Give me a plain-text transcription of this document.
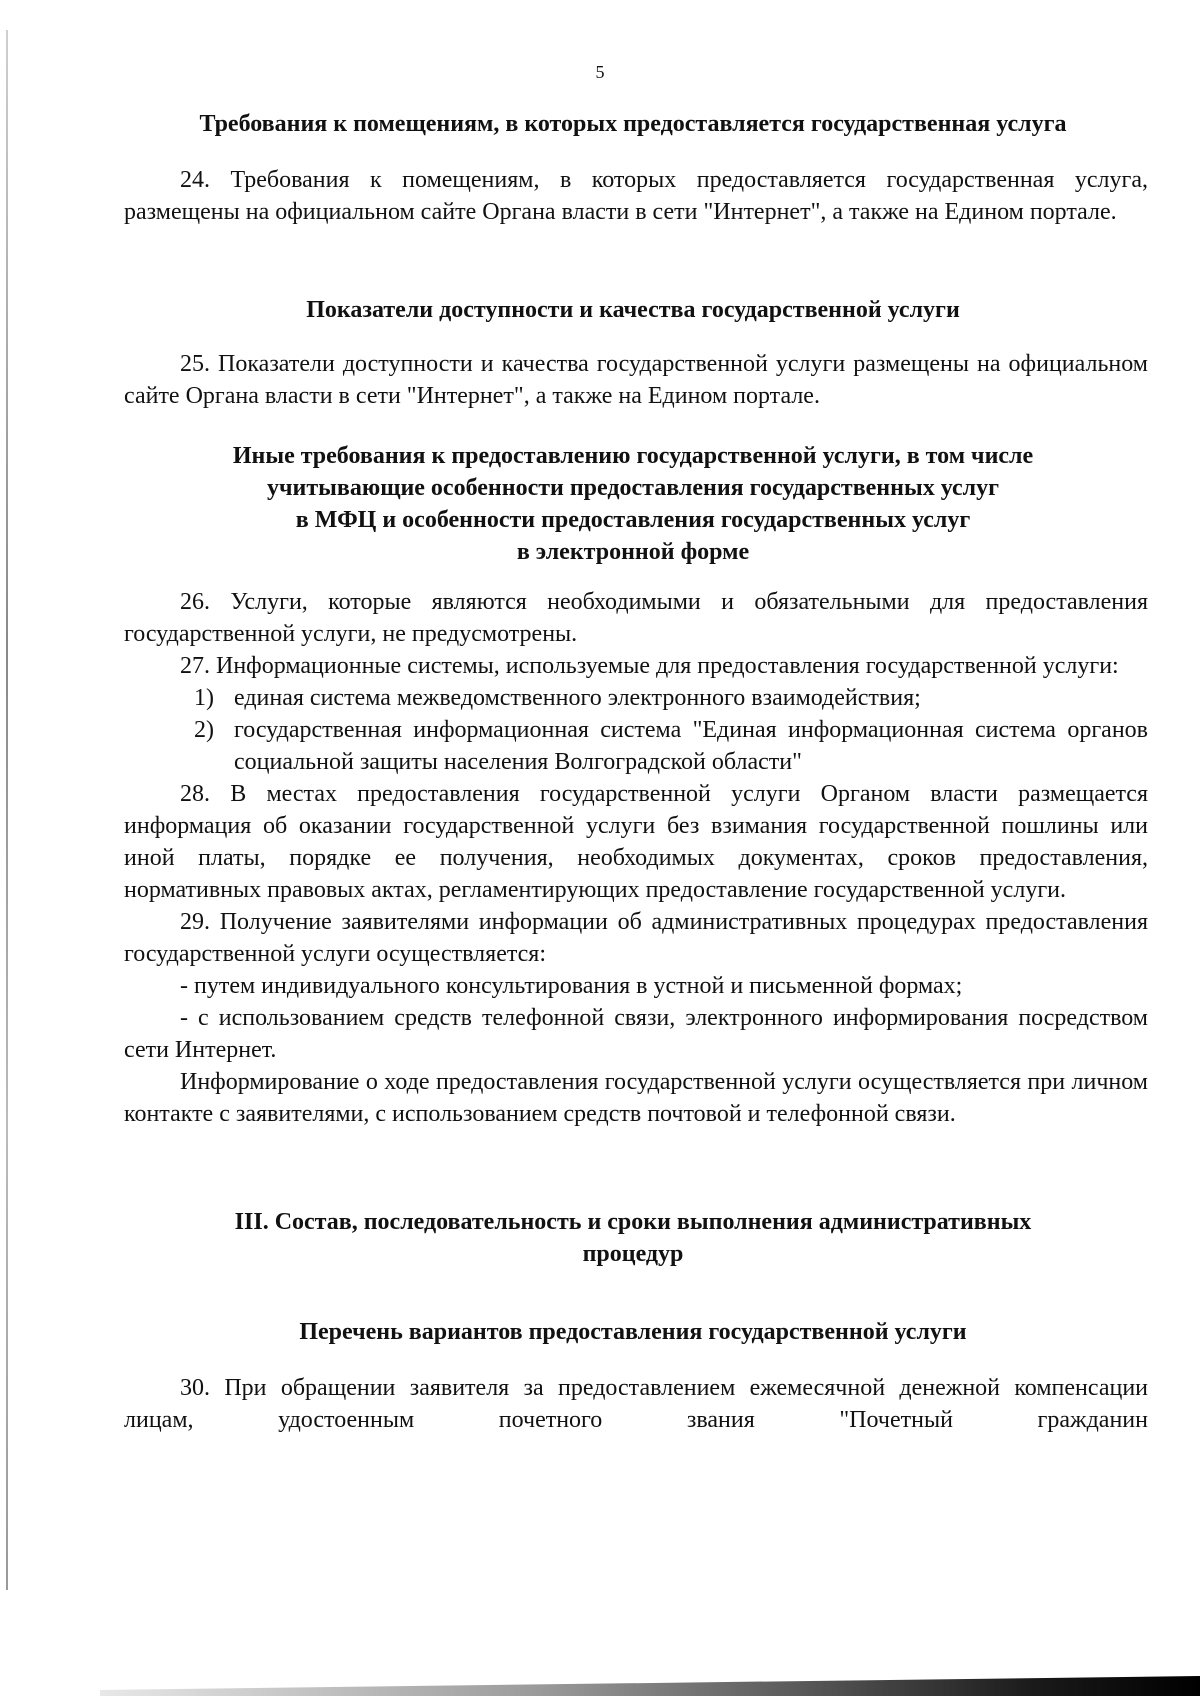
5
Требования к помещениям, в которых предоставляется государственная услуга

24. Требования к помещениям, в которых предоставляется государственная услуга, размещены на официальном сайте Органа власти в сети "Интернет", а также на Едином портале.

Показатели доступности и качества государственной услуги

25. Показатели доступности и качества государственной услуги размещены на официальном сайте Органа власти в сети "Интернет", а также на Едином портале.

Иные требования к предоставлению государственной услуги, в том числе
учитывающие особенности предоставления государственных услуг
в МФЦ и особенности предоставления государственных услуг
в электронной форме

26. Услуги, которые являются необходимыми и обязательными для предоставления государственной услуги, не предусмотрены.

27. Информационные системы, используемые для предоставления государственной услуги:

1) единая система межведомственного электронного взаимодействия;

2) государственная информационная система "Единая информационная система органов социальной защиты населения Волгоградской области"

28. В местах предоставления государственной услуги Органом власти размещается информация об оказании государственной услуги без взимания государственной пошлины или иной платы, порядке ее получения, необходимых документах, сроков предоставления, нормативных правовых актах, регламентирующих предоставление государственной услуги.

29. Получение заявителями информации об административных процедурах предоставления государственной услуги осуществляется:

- путем индивидуального консультирования в устной и письменной формах;

- с использованием средств телефонной связи, электронного информирования посредством сети Интернет.

Информирование о ходе предоставления государственной услуги осуществляется при личном контакте с заявителями, с использованием средств почтовой и телефонной связи.

III. Состав, последовательность и сроки выполнения административных
процедур
Перечень вариантов предоставления государственной услуги

30. При обращении заявителя за предоставлением ежемесячной денежной компенсации лицам, удостоенным почетного звания "Почетный гражданин
